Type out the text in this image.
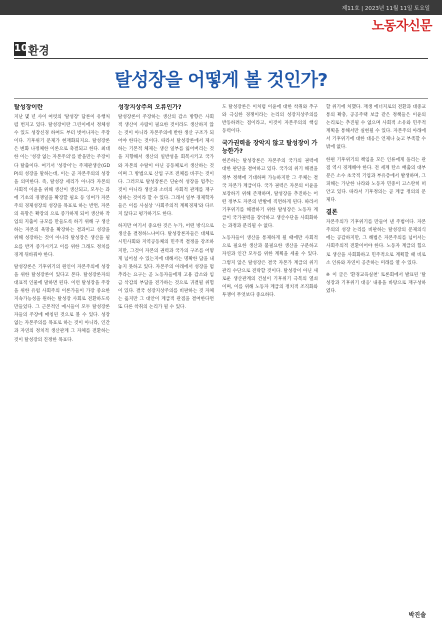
제11호 | 2023년 11월 11일 토요일
노동자신문
10 환경
탈성장을 어떻게 볼 것인가?
탈성장이란

지난 몇 년 사이 여럿의 '탈성장' 담론이 유행처럼 번지고 있다. 탈성장이란 그린이에서 정체성 수 있도 성장신경 하여도 부터 벗어나자는 주장이다. 기후위기 문제가 현재화되지요. 탈성장론은 변화 나정체한 이론으로 축결되고 한다. 최대한 이는 '성장 없는 자본주의'를 받을만는 주장이다 탈출이다. 여기서 '성장이'는 주제관생산(GDP)의 성장을 말하는데, 이는 곧 자본주의의 성장을 의미한다. 즉, 탈성장 세리가 아니라 자본의 사회적 이윤을 위해 생산이 생산되고, 모두는 과에 기초의 경쟁일을 확장할 필요 등 잉여가 자본주의 경제성장의 성장을 목표로 하는 반면, 자본의 욕망은 확장의 으로 증가하게 되어 생산하 작업의 지출이 규모를 만들도록 하기 위해 구 생산하는 자본의 욕망을 확장하는 결과이고 성장을 위해 성장하는 것이 아니라 탈성장은 생산을 필요를 반겨 증가시키고 이를 위한 그래도 정치를 경계 뒤바꿔야 한다.

탈성장론은 기후위기의 원인이 자본주의에 성장을 위한 탈성장론이 있다고 본다. 탈성장론자의 대표적 인물에 말하면 된다. 이런 탈성장을 주장을 위한 유럽 사회주의 이론가들이 가장 중요한 지속가능성을 원하는 탈성장 사회로 전환하도록 만들었다. 그 근본적인 예시들이 모두 탈성장론자들의 주장에 매칭된 것으로 볼 수 있다. 성장 없는 자본주의를 목표로 하는 것이 아니라, 인간과 자연의 정치적 생산관계 그 자체를 전환하는 것이 탈성장의 진정한 목표다.

성장지상주의 오류인가?

탈성장론이 주장하는 생산의 감소 방향은 사회적 생산이 사람이 필요한 것이라도 생산하지 않는 것이 아니라 자본주의에 반한 생산 구조가 되어야 한다는 것이다. 따라서 탈성장론에서 제시하는 기본적 체제는 생산 일부를 잃어버리는 것을 지향해서 생산의 일반성을 회복시키고 국가와 자본의 수탈이 아닌 공동체로서 생산하는 것이며 그 방법으로 산업 구조 전체를 바꾸는 것이다. 그러므로 탈성장론은 단순히 성장을 멈추는 것이 아니라 생산과 소비의 사회적 관계를 재구성하는 것이라 할 수 있다. 그래서 일부 경제학자들은 이를 사실상 '사회주의적 계획경제'와 다르지 않다고 평가하기도 한다.

하지만 여기서 중요한 것은 누가, 어떤 방식으로 생산을 결정하느냐이다. 탈성장론자들은 대체로 시민사회와 지역공동체의 민주적 결정을 강조하지만, 그것이 자본의 권력과 국가의 구조를 어떻게 넘어설 수 있는지에 대해서는 명확한 답을 내놓지 못하고 있다. 자본주의 아래에서 성장을 멈추라는 요구는 곧 노동자들에게 고용 감소와 임금 삭감의 부담을 전가하는 것으로 귀결될 위험이 있다. 결국 성장지상주의를 비판하는 것 자체는 옳지만 그 대안이 계급적 관점을 결여한다면 또 다른 착취의 논리가 될 수 있다.

도 탈성장론은 이처럼 이윤에 대한 착취와 추구와 극심한 경쟁이라는 논리의 성장지상주의를 반동하려는 점이라고, 이것이 자본주의의 핵심 동력이다.

국가권력을 장악지 않고 탈성장이 가능한가?

현존하는 탈성장론은 자본주의 국가의 권력에 대한 판단을 결여하고 있다. 국가의 위기 해결을 정부 정책에 기대하며 가능하지만 그 주체는 결국 자본가 계급이다. 국가 권력은 자본의 이윤을 보장하기 위해 존재하며, 탈성장을 추진하는 어떤 정부도 자본의 반발에 직면하게 된다. 따라서 기후위기를 해결하기 위한 탈성장은 노동자 계급이 국가권력을 장악하고 생산수단을 사회화하는 과정과 분리될 수 없다.

노동자들이 생산을 통제하게 될 때에만 사회적으로 필요한 생산과 불필요한 생산을 구분하고 자연과 인간 모두를 위한 계획을 세울 수 있다. 그렇지 않은 탈성장은 결국 자본가 계급의 위기 관리 수단으로 전락할 것이다. 탈성장이 아닌 새로운 생산관계의 건설이 기후위기 극복의 열쇠이며, 이를 위해 노동자 계급의 정치적 조직화와 투쟁이 무엇보다 중요하다.

할 위기에 처했다. 재생 에너지로의 전환과 대중교통의 확충, 공공주택 보급 같은 정책들은 이윤의 논리로는 추진될 수 없으며 사회적 소유와 민주적 계획을 통해서만 실현될 수 있다. 자본주의 아래에서 기후위기에 대한 대응은 언제나 늦고 부족할 수밖에 없다.

한편 기후위기의 책임을 모든 인류에게 돌리는 관점 역시 경계해야 한다. 전 세계 탄소 배출의 대부분은 소수 초국적 기업과 부유층에서 발생하며, 그 피해는 가난한 나라와 노동자 민중이 고스란히 떠안고 있다. 따라서 기후정의는 곧 계급 정의의 문제다.

결론

자본주의가 기후위기를 만들어 낸 주범이다. 자본주의의 성장 논리를 비판하는 탈성장의 문제의식에는 공감하지만, 그 해법은 자본주의를 넘어서는 사회주의적 전환이어야 한다. 노동자 계급의 힘으로 생산을 사회화하고 민주적으로 계획할 때 비로소 인류와 자연이 공존하는 미래를 열 수 있다.

※ 이 글은 '환경교육실천' 토론회에서 발표된 '탈성장과 기후위기 대응' 내용을 바탕으로 재구성하였다.

박진솔
